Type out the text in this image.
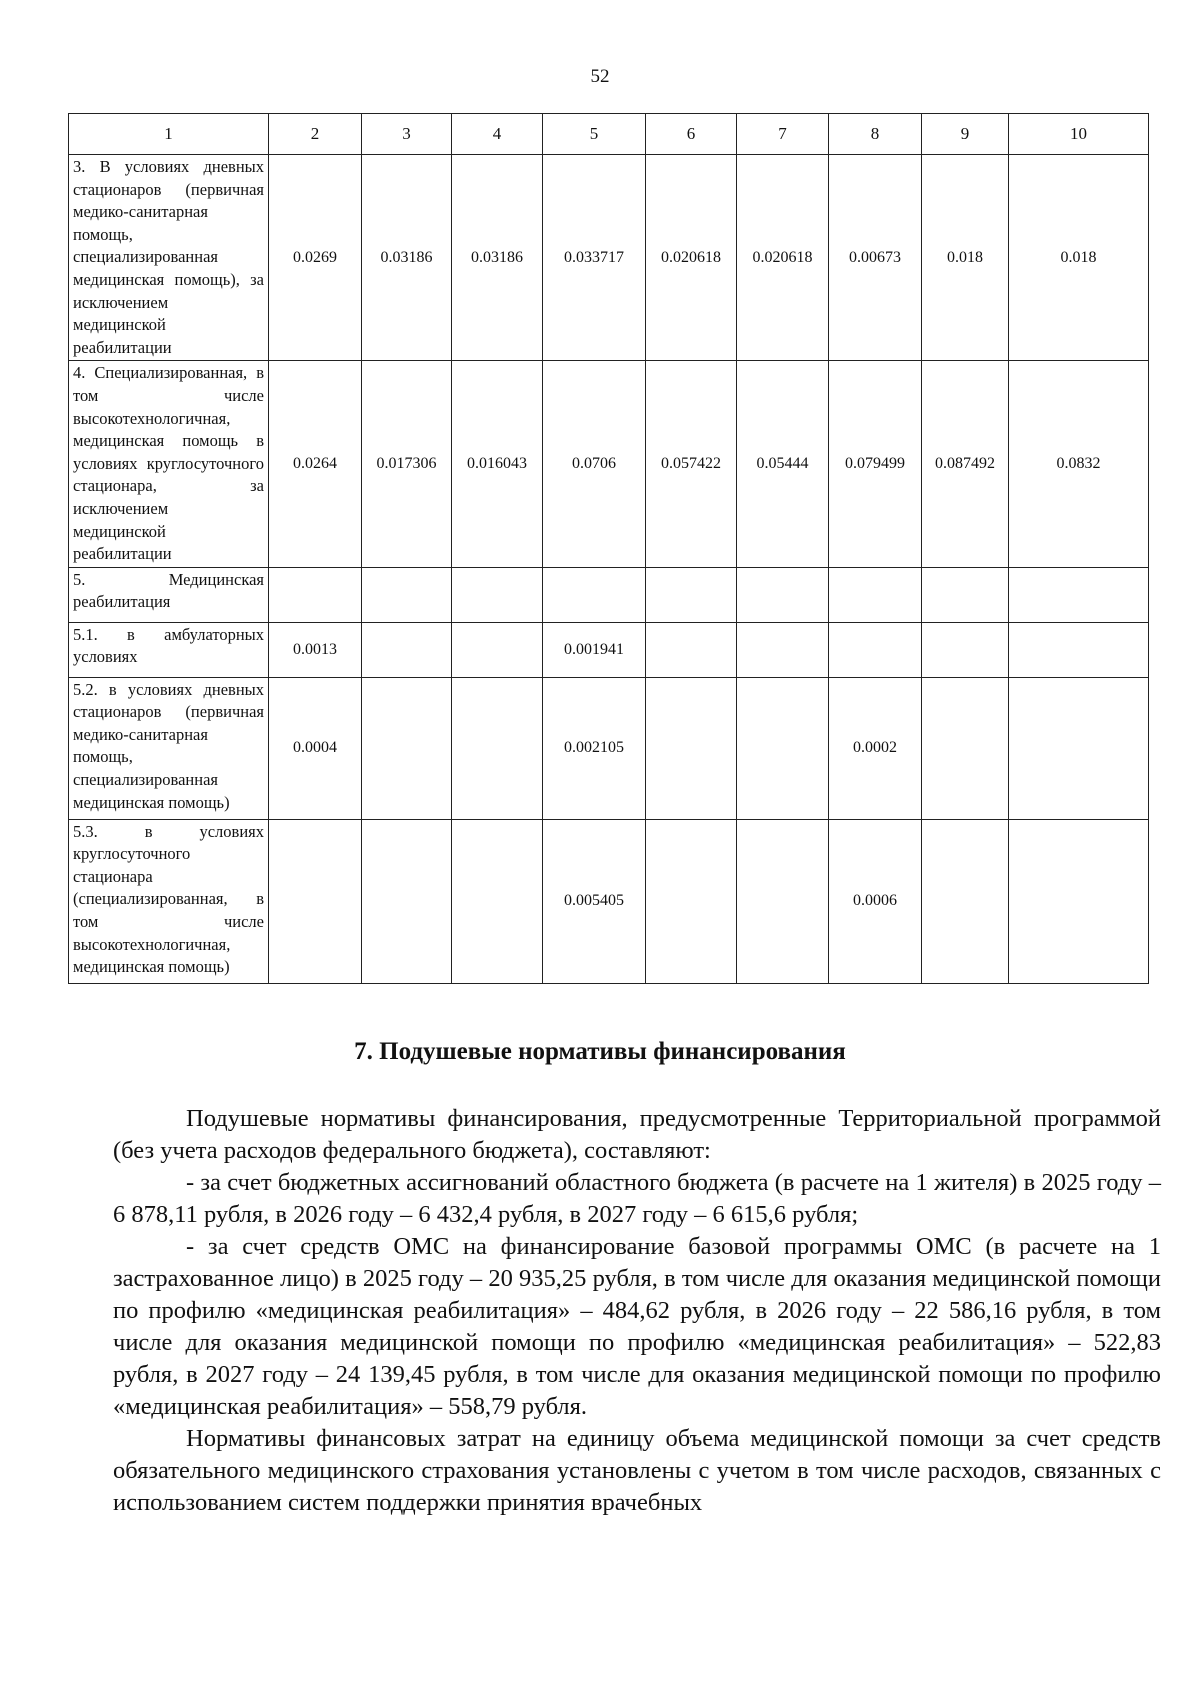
52
1	2	3	4	5	6	7	8	9	10
3. В условиях дневных стационаров (первичная медико-санитарная помощь, специализированная медицинская помощь), за исключением медицинской реабилитации	0.0269	0.03186	0.03186	0.033717	0.020618	0.020618	0.00673	0.018	0.018
4. Специализированная, в том числе высокотехнологичная, медицинская помощь в условиях круглосуточного стационара, за исключением медицинской реабилитации	0.0264	0.017306	0.016043	0.0706	0.057422	0.05444	0.079499	0.087492	0.0832
5. Медицинская реабилитация									
5.1. в амбулаторных условиях	0.0013			0.001941					
5.2. в условиях дневных стационаров (первичная медико-санитарная помощь, специализированная медицинская помощь)	0.0004			0.002105			0.0002		
5.3. в условиях круглосуточного стационара (специализированная, в том числе высокотехнологичная, медицинская помощь)				0.005405			0.0006		
7. Подушевые нормативы финансирования

Подушевые нормативы финансирования, предусмотренные Территориальной программой (без учета расходов федерального бюджета), составляют:

- за счет бюджетных ассигнований областного бюджета (в расчете на 1 жителя) в 2025 году – 6 878,11 рубля, в 2026 году – 6 432,4 рубля, в 2027 году – 6 615,6 рубля;

- за счет средств ОМС на финансирование базовой программы ОМС (в расчете на 1 застрахованное лицо) в 2025 году – 20 935,25 рубля, в том числе для оказания медицинской помощи по профилю «медицинская реабилитация» – 484,62 рубля, в 2026 году – 22 586,16 рубля, в том числе для оказания медицинской помощи по профилю «медицинская реабилитация» – 522,83 рубля, в 2027 году – 24 139,45 рубля, в том числе для оказания медицинской помощи по профилю «медицинская реабилитация» – 558,79 рубля.

Нормативы финансовых затрат на единицу объема медицинской помощи за счет средств обязательного медицинского страхования установлены с учетом в том числе расходов, связанных с использованием систем поддержки принятия врачебных
